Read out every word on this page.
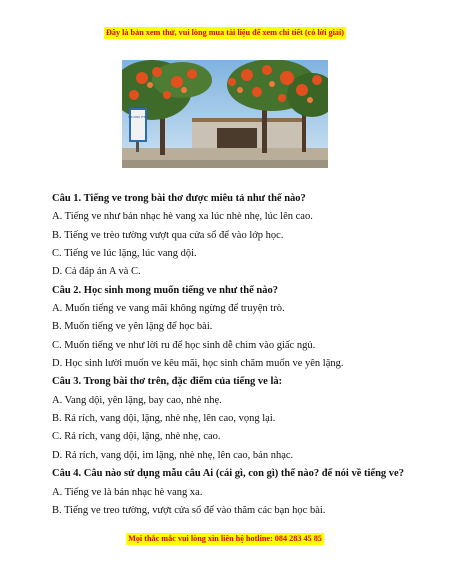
Đây là bản xem thử, vui lòng mua tài liệu để xem chi tiết (có lời giải)
TRƯỜNG THCS
Câu 1. Tiếng ve trong bài thơ được miêu tả như thế nào?
A. Tiếng ve như bản nhạc hè vang xa lúc nhè nhẹ, lúc lên cao.
B. Tiếng ve trèo tường vượt qua cửa sổ để vào lớp học.
C. Tiếng ve lúc lặng, lúc vang dội.
D. Cả đáp án A và C.
Câu 2. Học sinh mong muốn tiếng ve như thế nào?
A. Muốn tiếng ve vang mãi không ngừng để truyện trò.
B. Muốn tiếng ve yên lặng để học bài.
C. Muốn tiếng ve như lời ru để học sinh dễ chìm vào giấc ngủ.
D. Học sinh lười muốn ve kêu mãi, học sinh chăm muốn ve yên lặng.
Câu 3. Trong bài thơ trên, đặc điểm của tiếng ve là:
A. Vang dội, yên lặng, bay cao, nhè nhẹ.
B. Rả rích, vang dội, lặng, nhè nhẹ, lên cao, vọng lại.
C. Rả rích, vang dội, lặng, nhè nhẹ, cao.
D. Rả rích, vang dội, im lặng, nhè nhẹ, lên cao, bản nhạc.
Câu 4. Câu nào sử dụng mẫu câu Ai (cái gì, con gì) thế nào? để nói về tiếng ve?
A. Tiếng ve là bản nhạc hè vang xa.
B. Tiếng ve treo tường, vượt cửa sổ để vào thăm các bạn học bài.
Mọi thắc mắc vui lòng xin liên hệ hotline: 084 283 45 85
